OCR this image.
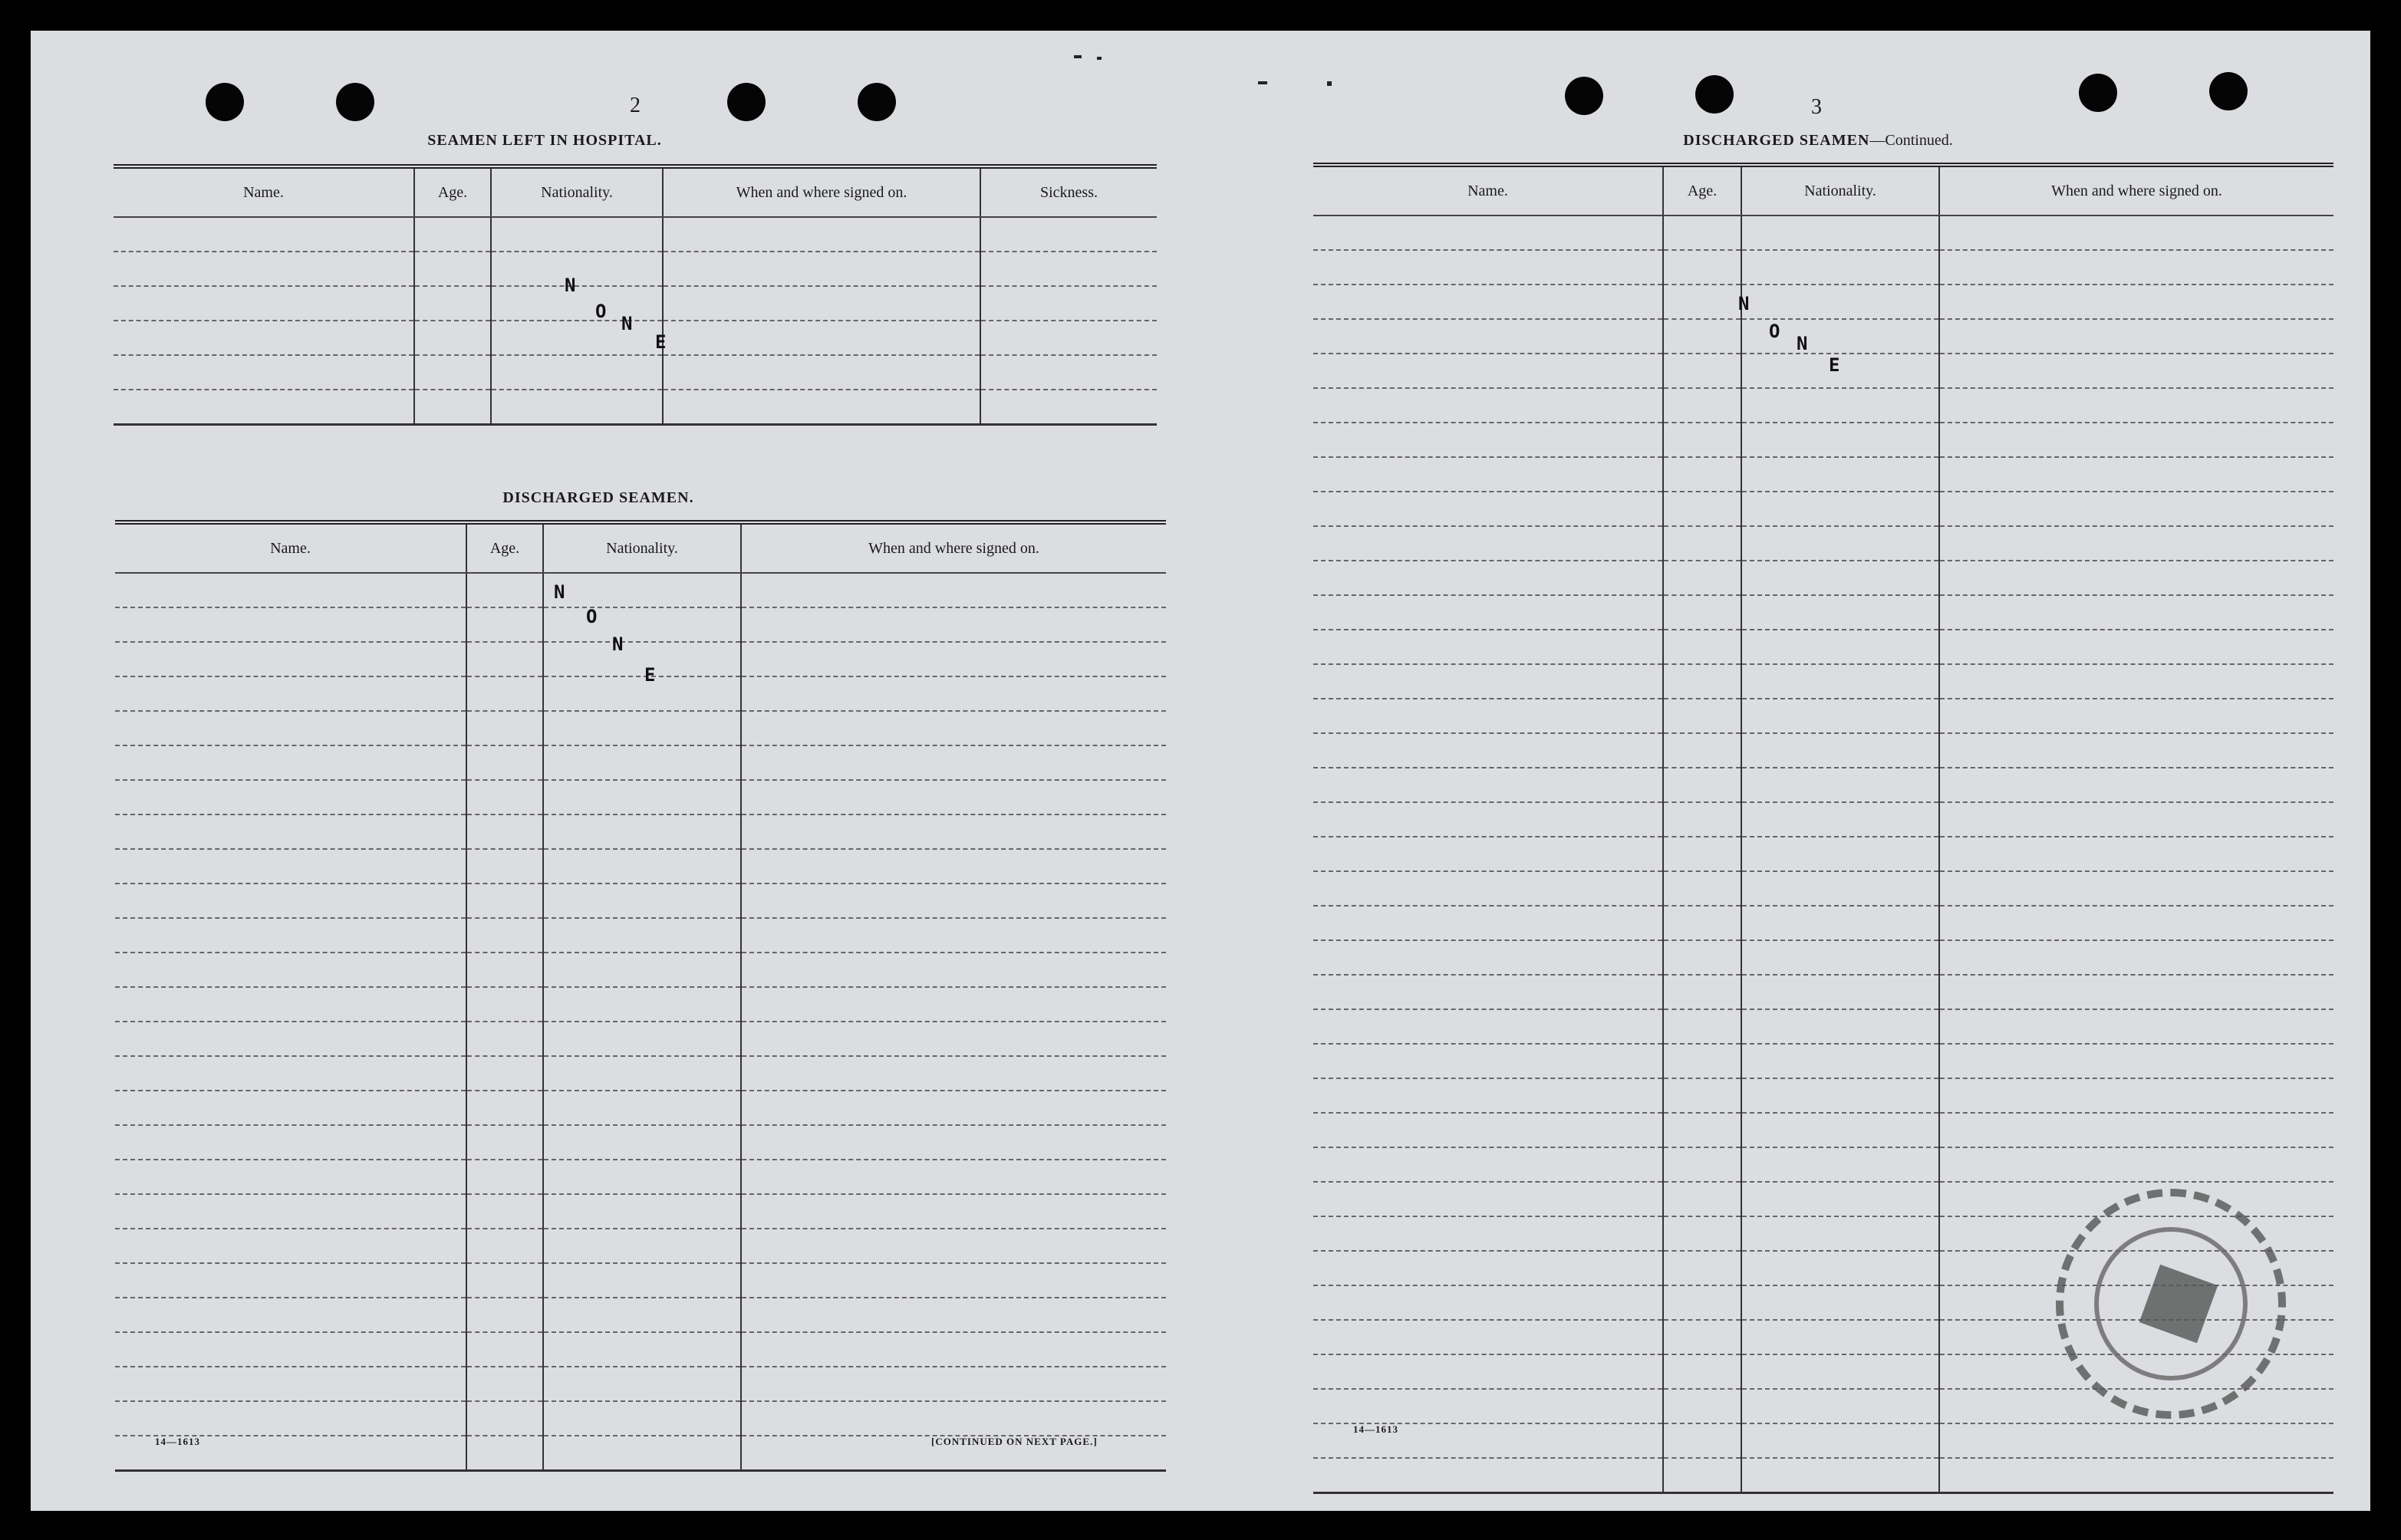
2
SEAMEN LEFT IN HOSPITAL.
Name.	Age.	Nationality.	When and where signed on.	Sickness.

N
O
N
E
DISCHARGED SEAMEN.
Name.	Age.	Nationality.	When and where signed on.

N
O
N
E
14—1613	[CONTINUED ON NEXT PAGE.]
3
DISCHARGED SEAMEN—Continued.
Name.	Age.	Nationality.	When and where signed on.

N
O
N
E
14—1613
